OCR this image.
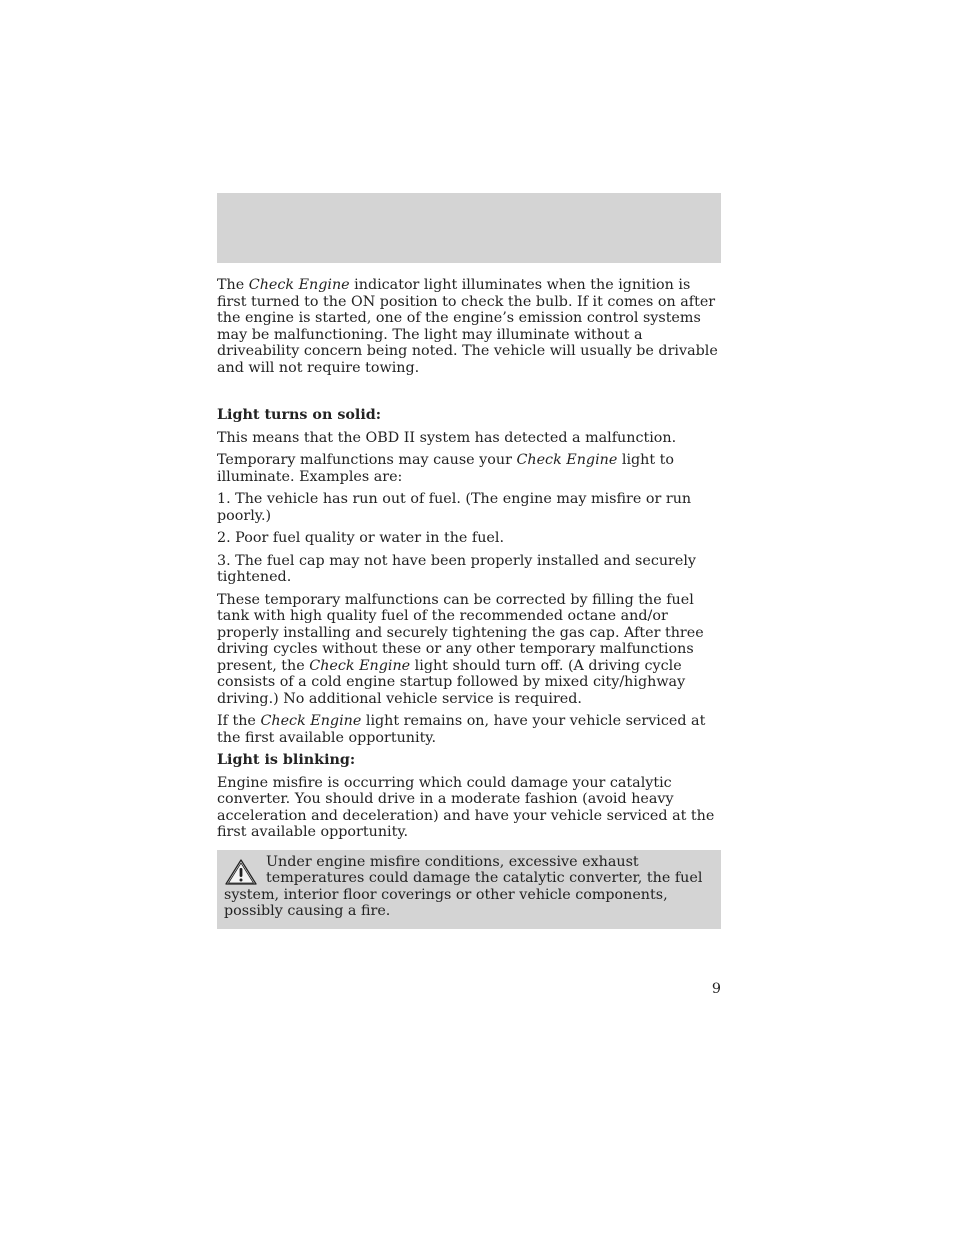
The Check Engine indicator light illuminates when the ignition is first turned to the ON position to check the bulb. If it comes on after the engine is started, one of the engine’s emission control systems may be malfunctioning. The light may illuminate without a driveability concern being noted. The vehicle will usually be drivable and will not require towing.

Light turns on solid:

This means that the OBD II system has detected a malfunction.

Temporary malfunctions may cause your Check Engine light to illuminate. Examples are:

1. The vehicle has run out of fuel. (The engine may misfire or run poorly.)

2. Poor fuel quality or water in the fuel.

3. The fuel cap may not have been properly installed and securely tightened.

These temporary malfunctions can be corrected by filling the fuel tank with high quality fuel of the recommended octane and/or properly installing and securely tightening the gas cap. After three driving cycles without these or any other temporary malfunctions present, the Check Engine light should turn off. (A driving cycle consists of a cold engine startup followed by mixed city/highway driving.) No additional vehicle service is required.

If the Check Engine light remains on, have your vehicle serviced at the first available opportunity.

Light is blinking:

Engine misfire is occurring which could damage your catalytic converter. You should drive in a moderate fashion (avoid heavy acceleration and deceleration) and have your vehicle serviced at the first available opportunity.

Under engine misfire conditions, excessive exhaust temperatures could damage the catalytic converter, the fuel system, interior floor coverings or other vehicle components, possibly causing a fire.

9
